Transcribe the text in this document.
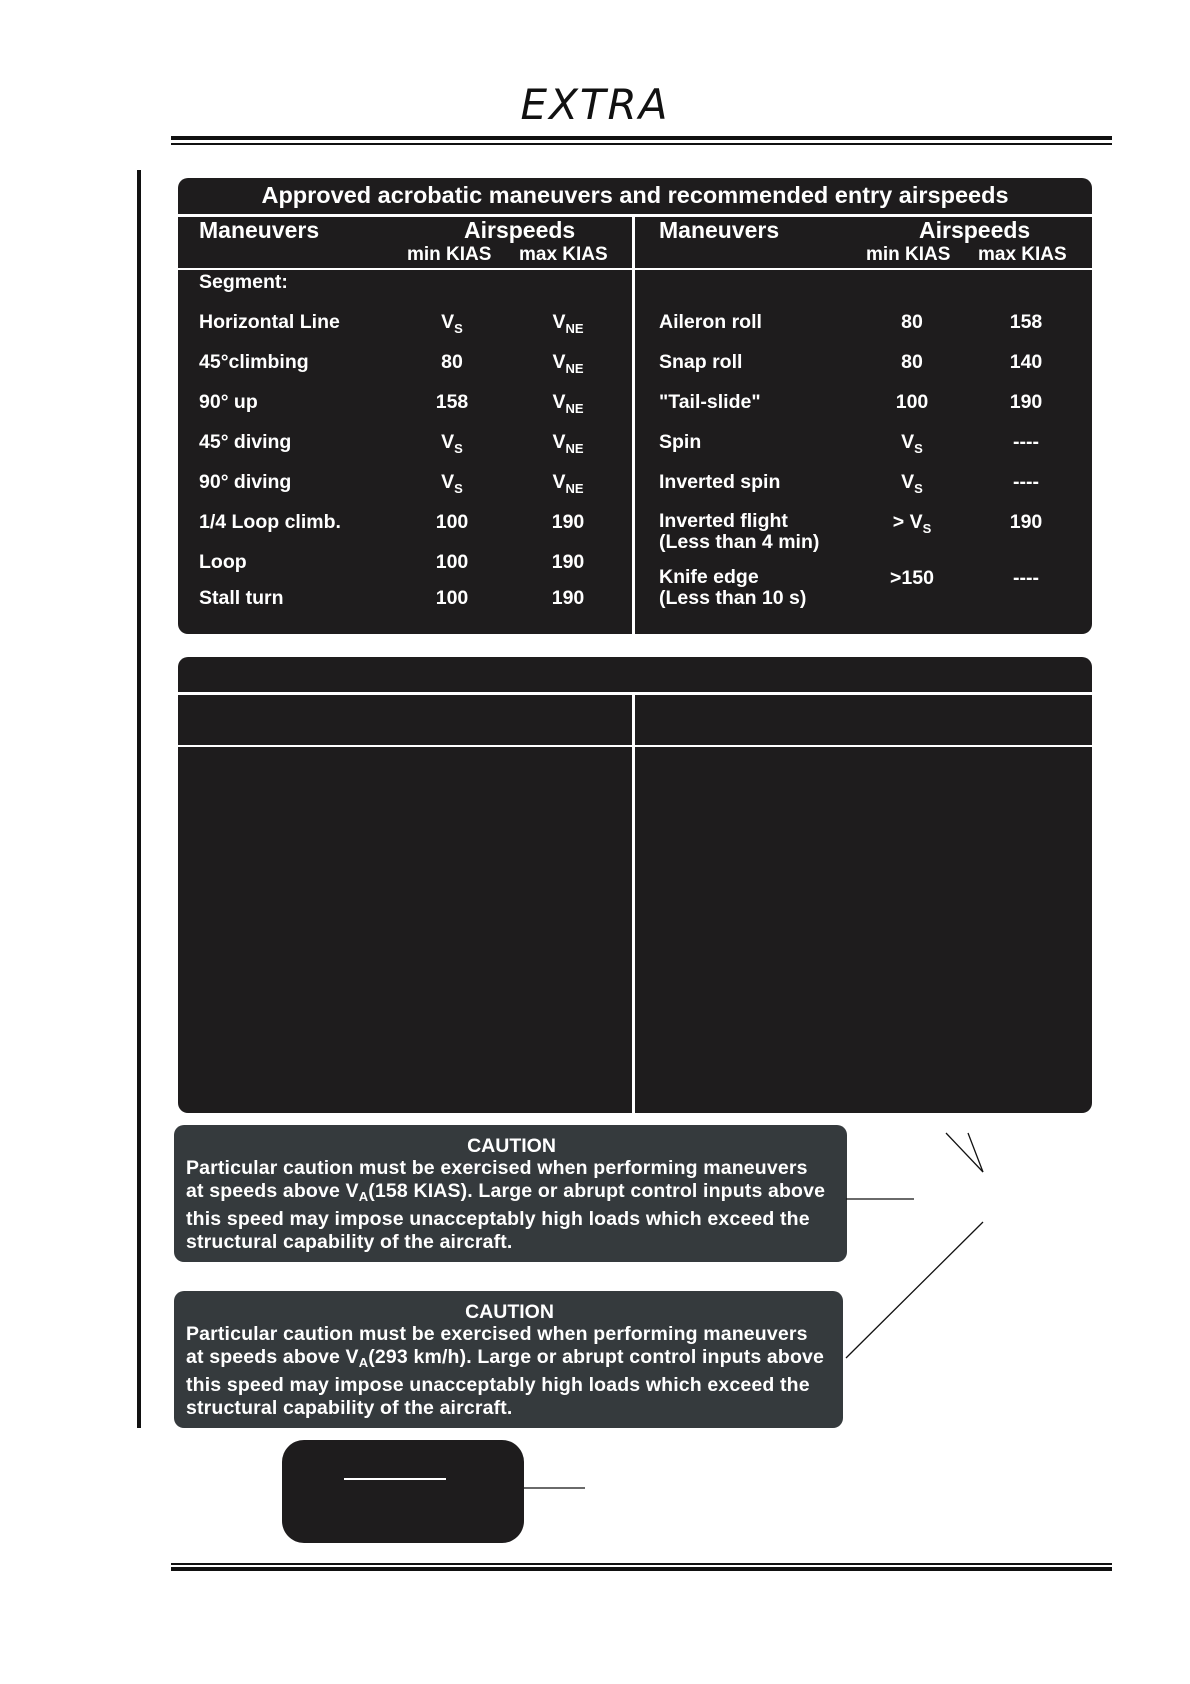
EXTRA
Approved acrobatic maneuvers and recommended entry airspeeds
Maneuvers	Airspeeds
min KIAS max KIAS
Maneuvers	Airspeeds
min KIAS max KIAS
Segment:
Horizontal Line	$V_S$	$V_{NE}$
45°climbing	80	$V_{NE}$
90° up	158	$V_{NE}$
45° diving	$V_S$	$V_{NE}$
90° diving	$V_S$	$V_{NE}$
1/4 Loop climb.	100	190
Loop	100	190
Stall turn	100	190
Aileron roll	80	158
Snap roll	80	140
"Tail-slide"	100	190
Spin	$V_S$	----
Inverted spin	$V_S$	----
Inverted flight
(Less than 4 min)
> $V_S$	190
Knife edge
(Less than 10 s)
>150	----
CAUTION
Particular caution must be exercised when performing maneuvers
at speeds above $V_A(158$ KIAS). Large or abrupt control inputs above
this speed may impose unacceptably high loads which exceed the
structural capability of the aircraft.
CAUTION
Particular caution must be exercised when performing maneuvers
at speeds above $V_A(293$ km/h). Large or abrupt control inputs above
this speed may impose unacceptably high loads which exceed the
structural capability of the aircraft.
